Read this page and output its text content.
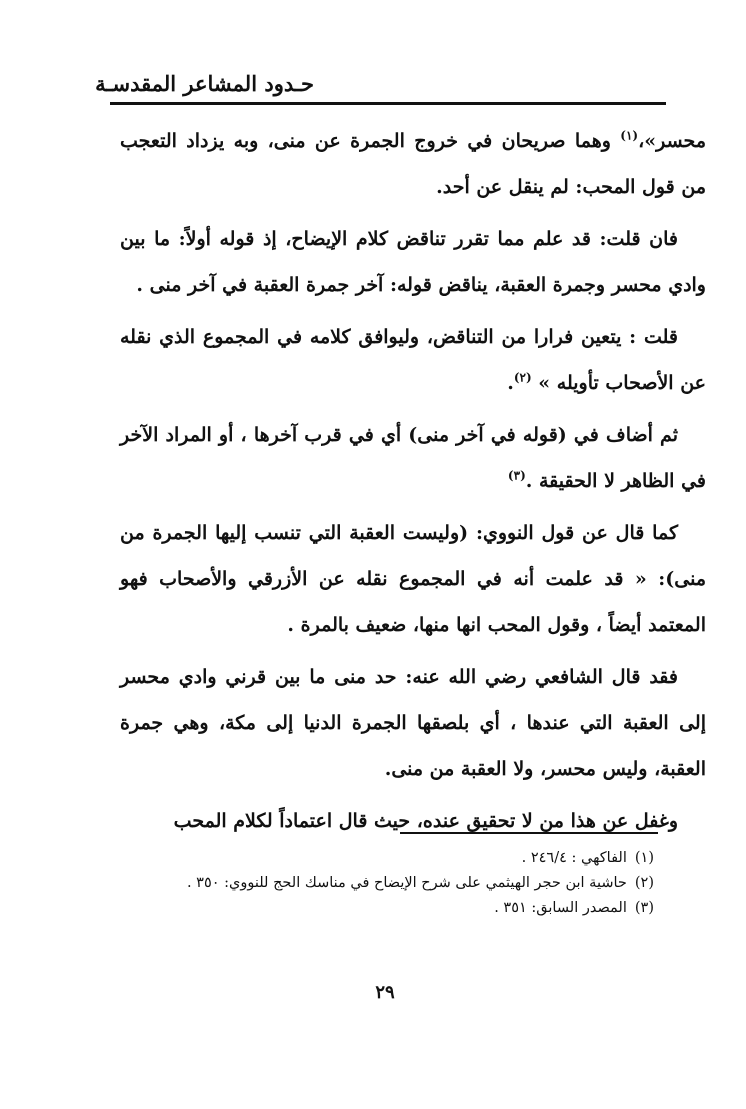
حـدود المشاعر المقدسـة

محسر»،$^{(١)}$ وهما صريحان في خروج الجمرة عن منى، وبه يزداد التعجب من قول المحب: لم ينقل عن أحد.

فان قلت: قد علم مما تقرر تناقض كلام الإيضاح، إذ قوله أولاً: ما بين وادي محسر وجمرة العقبة، يناقض قوله: آخر جمرة العقبة في آخر منى .

قلت : يتعين فرارا من التناقض، وليوافق كلامه في المجموع الذي نقله عن الأصحاب تأويله » $^{(٢)}$.

ثم أضاف في (قوله في آخر منى) أي في قرب آخرها ، أو المراد الآخر في الظاهر لا الحقيقة .$^{(٣)}$

كما قال عن قول النووي: (وليست العقبة التي تنسب إليها الجمرة من منى): « قد علمت أنه في المجموع نقله عن الأزرقي والأصحاب فهو المعتمد أيضاً ، وقول المحب انها منها، ضعيف بالمرة .

فقد قال الشافعي رضي الله عنه: حد منى ما بين قرني وادي محسر إلى العقبة التي عندها ، أي بلصقها الجمرة الدنيا إلى مكة، وهي جمرة العقبة، وليس محسر، ولا العقبة من منى.

وغفل عن هذا من لا تحقيق عنده، حيث قال اعتماداً لكلام المحب

(١)الفاكهي : ٢٤٦/٤ .
(٢)حاشية ابن حجر الهيثمي على شرح الإيضاح في مناسك الحج للنووي: ٣٥٠ .
(٣)المصدر السابق: ٣٥١ .
٢٩
